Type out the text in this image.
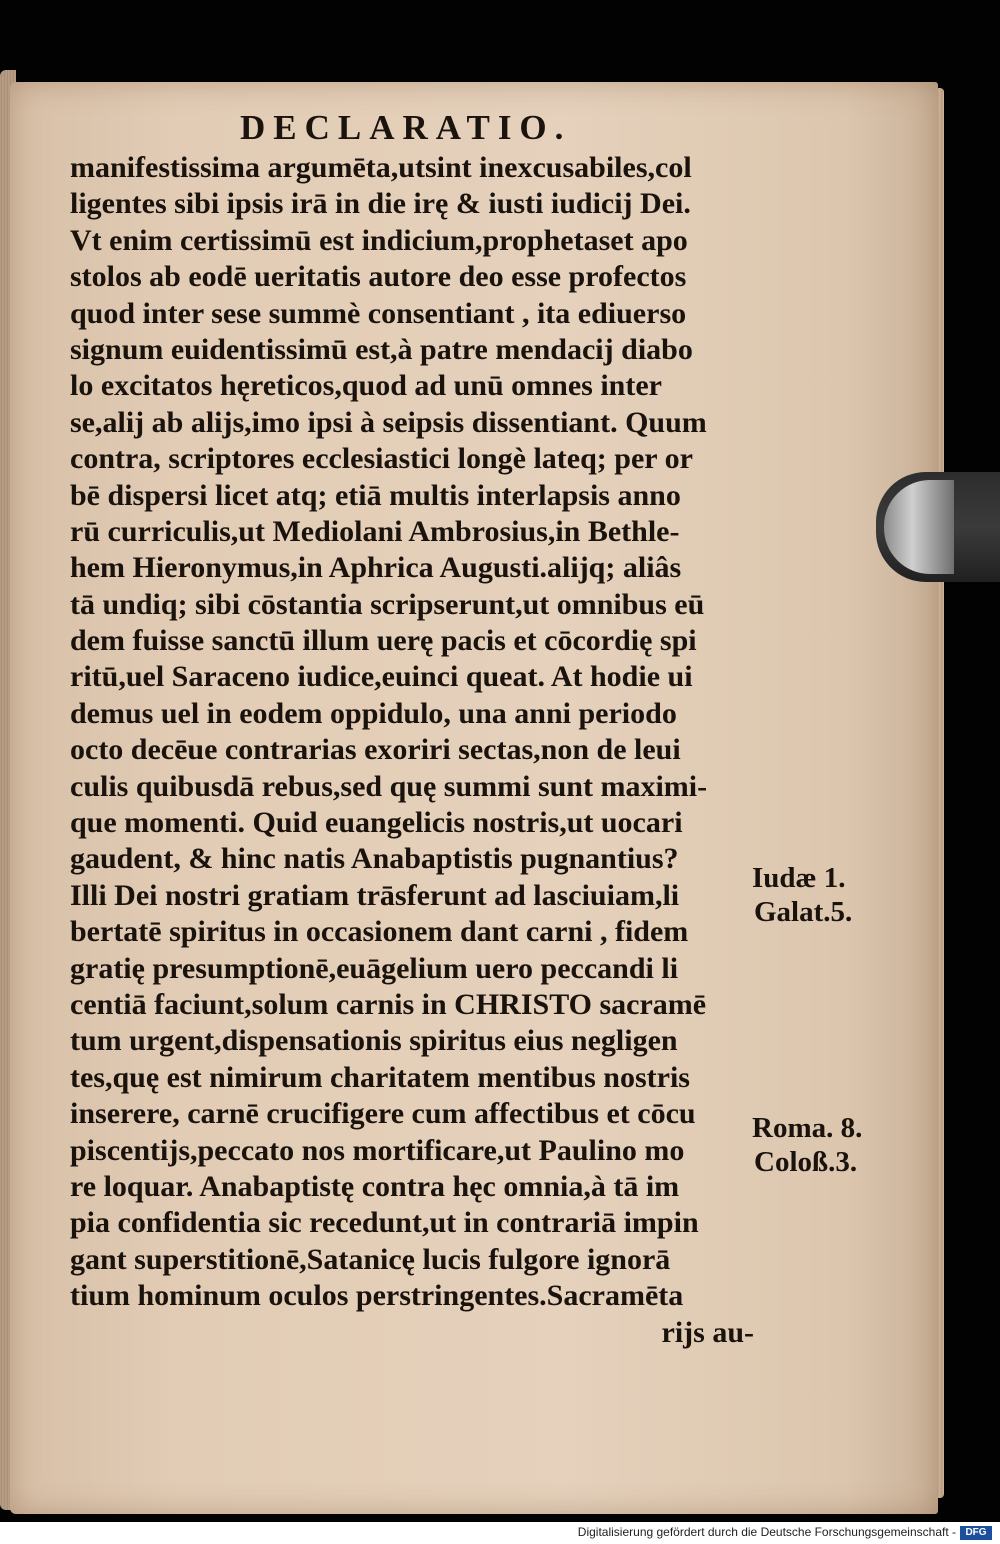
DECLARATIO.
manifestissima argumēta,utsint inexcusabiles,col
ligentes sibi ipsis irā in die irę & iusti iudicij Dei.
Vt enim certissimū est indicium,prophetaset apo
stolos ab eodē ueritatis autore deo esse profectos
quod inter sese summè consentiant , ita ediuerso
signum euidentissimū est,à patre mendacij diabo
lo excitatos hęreticos,quod ad unū omnes inter
se,alij ab alijs,imo ipsi à seipsis dissentiant. Quum
contra, scriptores ecclesiastici longè lateq; per or
bē dispersi licet atq; etiā multis interlapsis anno
rū curriculis,ut Mediolani Ambrosius,in Bethle-
hem Hieronymus,in Aphrica Augusti.alijq; aliâs
tā undiq; sibi cōstantia scripserunt,ut omnibus eū
dem fuisse sanctū illum uerę pacis et cōcordię spi
ritū,uel Saraceno iudice,euinci queat. At hodie ui
demus uel in eodem oppidulo, una anni periodo
octo decēue contrarias exoriri sectas,non de leui
culis quibusdā rebus,sed quę summi sunt maximi-
que momenti. Quid euangelicis nostris,ut uocari
gaudent, & hinc natis Anabaptistis pugnantius?
Illi Dei nostri gratiam trāsferunt ad lasciuiam,li
bertatē spiritus in occasionem dant carni , fidem
gratię presumptionē,euāgelium uero peccandi li
centiā faciunt,solum carnis in CHRISTO sacramē
tum urgent,dispensationis spiritus eius negligen
tes,quę est nimirum charitatem mentibus nostris
inserere, carnē crucifigere cum affectibus et cōcu
piscentijs,peccato nos mortificare,ut Paulino mo
re loquar. Anabaptistę contra hęc omnia,à tā im
pia confidentia sic recedunt,ut in contrariā impin
gant superstitionē,Satanicę lucis fulgore ignorā
tium hominum oculos perstringentes.Sacramēta
rijs au-
Iudæ 1.
Galat.5.
Roma. 8.
Coloß.3.
Digitalisierung gefördert durch die Deutsche Forschungsgemeinschaft - DFG
